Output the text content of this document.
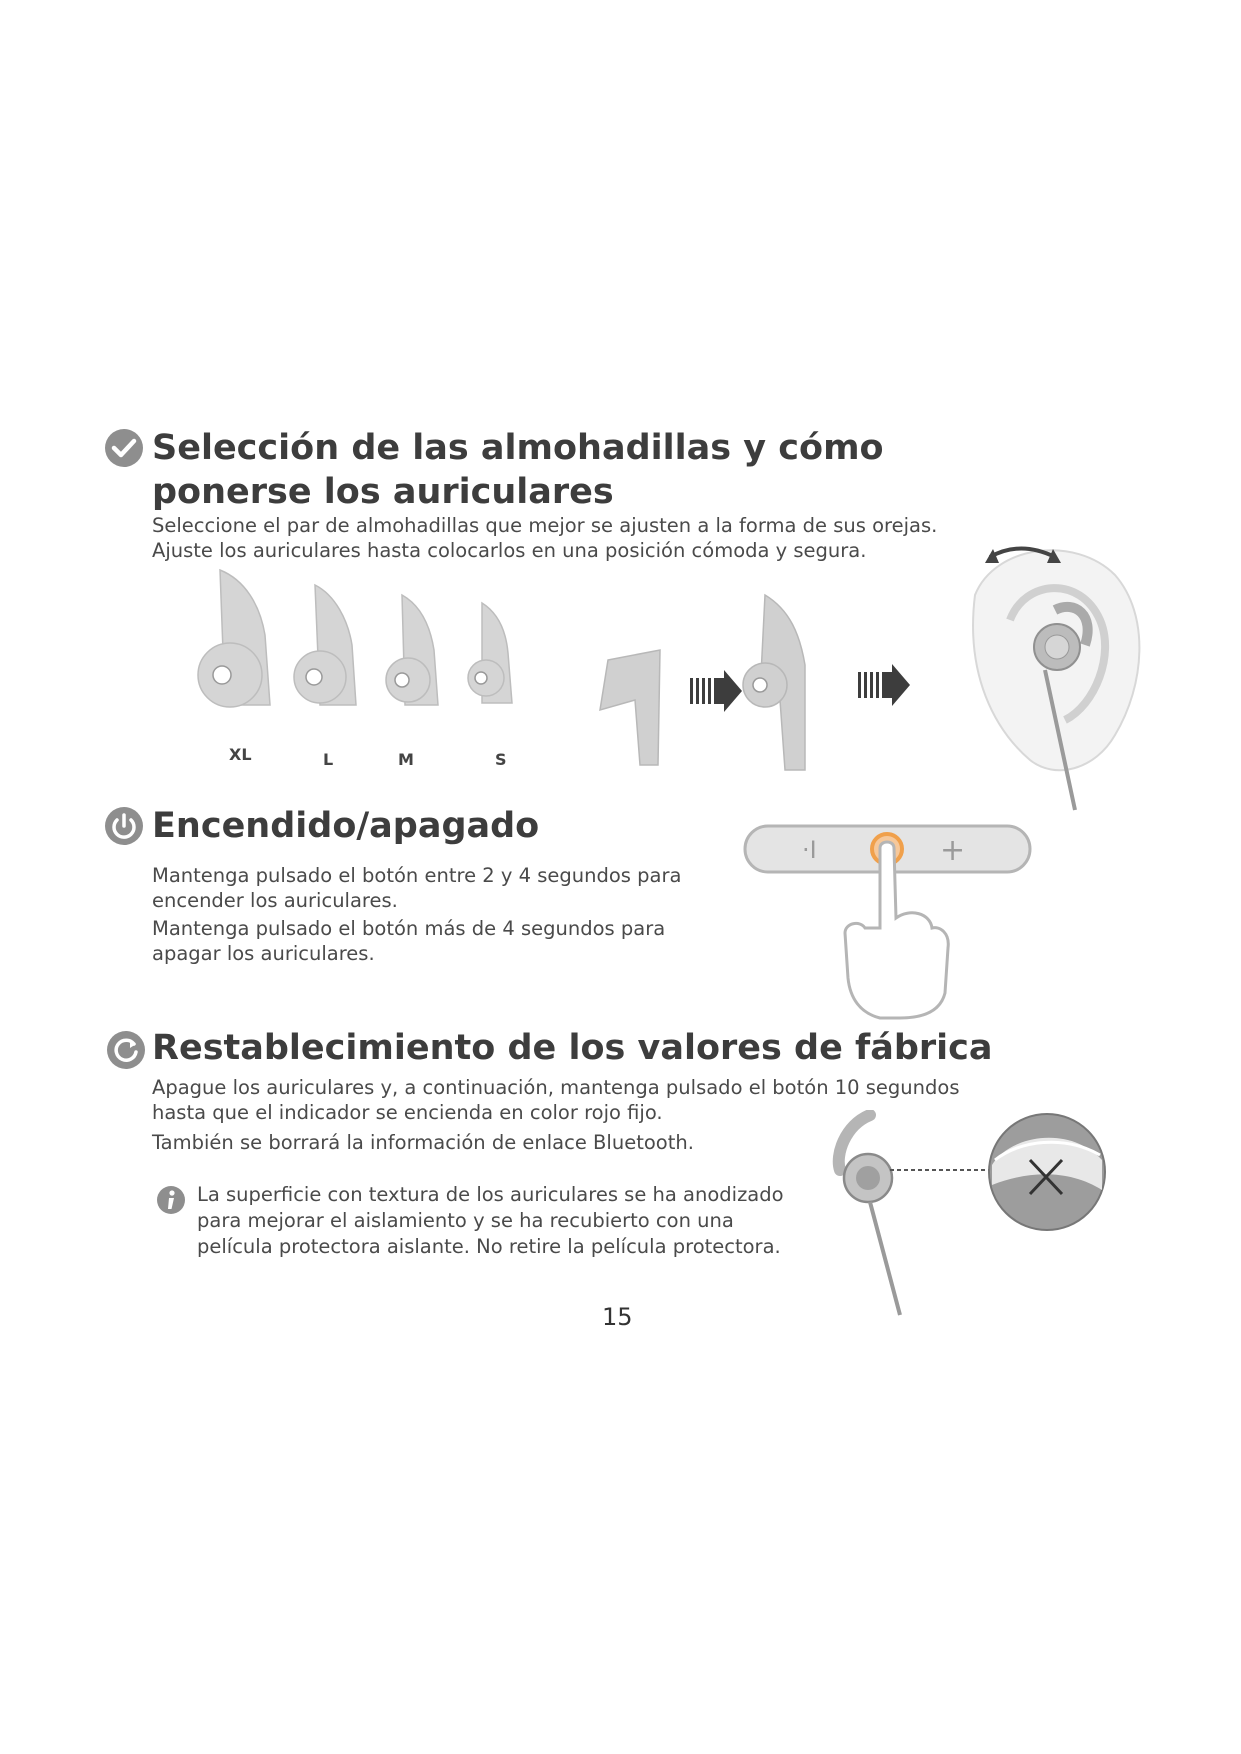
Selección de las almohadillas y cómo ponerse los auriculares
Seleccione el par de almohadillas que mejor se ajusten a la forma de sus orejas.
Ajuste los auriculares hasta colocarlos en una posición cómoda y segura.
XL	L	M	S
Encendido/apagado
Mantenga pulsado el botón entre 2 y 4 segundos para encender los auriculares.
Mantenga pulsado el botón más de 4 segundos para apagar los auriculares.
·I	+
Restablecimiento de los valores de fábrica
Apague los auriculares y, a continuación, mantenga pulsado el botón 10 segundos hasta que el indicador se encienda en color rojo fijo.
También se borrará la información de enlace Bluetooth.
La superficie con textura de los auriculares se ha anodizado para mejorar el aislamiento y se ha recubierto con una película protectora aislante. No retire la película protectora.
15
